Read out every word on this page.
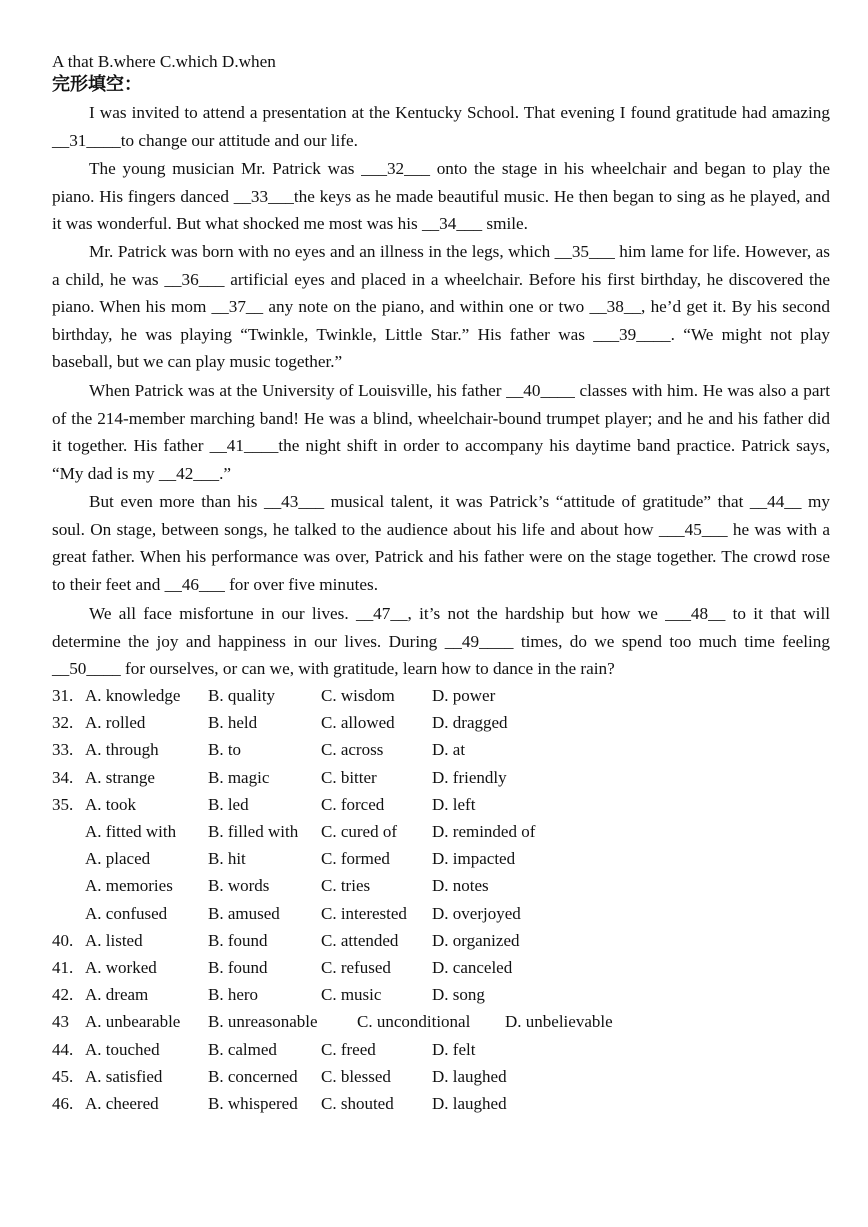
A that B.where C.which D.when
完形填空：
I was invited to attend a presentation at the Kentucky School. That evening I found gratitude had amazing __31____to change our attitude and our life.
The young musician Mr. Patrick was ___32___ onto the stage in his wheelchair and began to play the piano. His fingers danced __33___the keys as he made beautiful music. He then began to sing as he played, and it was wonderful. But what shocked me most was his __34___ smile.
Mr. Patrick was born with no eyes and an illness in the legs, which __35___ him lame for life. However, as a child, he was __36___ artificial eyes and placed in a wheelchair. Before his first birthday, he discovered the piano. When his mom __37__ any note on the piano, and within one or two __38__, he’d get it. By his second birthday, he was playing “Twinkle, Twinkle, Little Star.” His father was ___39____. “We might not play baseball, but we can play music together.”
When Patrick was at the University of Louisville, his father __40____ classes with him. He was also a part of the 214-member marching band! He was a blind, wheelchair-bound trumpet player; and he and his father did it together. His father __41____the night shift in order to accompany his daytime band practice. Patrick says, “My dad is my __42___.”
But even more than his __43___ musical talent, it was Patrick’s “attitude of gratitude” that __44__ my soul. On stage, between songs, he talked to the audience about his life and about how ___45___ he was with a great father. When his performance was over, Patrick and his father were on the stage together. The crowd rose to their feet and __46___ for over five minutes.
We all face misfortune in our lives. __47__, it’s not the hardship but how we ___48__ to it that will determine the joy and happiness in our lives. During __49____ times, do we spend too much time feeling __50____ for ourselves, or can we, with gratitude, learn how to dance in the rain?
31. A. knowledge B. quality	C. wisdom D. power
32. A. rolled	B. held	C. allowed D. dragged
33. A. through	B. to	C. across	D. at
34. A. strange	B. magic	C. bitter	D. friendly
35. A. took	B. led	C. forced	D. left
A. fitted with B. filled with C. cured of D. reminded of
A. placed	B. hit	C. formed D. impacted
A. memories B. words	C. tries	D. notes
A. confused B. amused C. interested D. overjoyed
40. A. listed	B. found	C. attended D. organized
41. A. worked	B. found	C. refused D. canceled
42. A. dream	B. hero	C. music	D. song
43 A. unbearable B. unreasonable C. unconditional D. unbelievable
44. A. touched	B. calmed	C. freed	D. felt
45. A. satisfied	B. concerned C. blessed D. laughed
46. A. cheered	B. whispered C. shouted D. laughed
